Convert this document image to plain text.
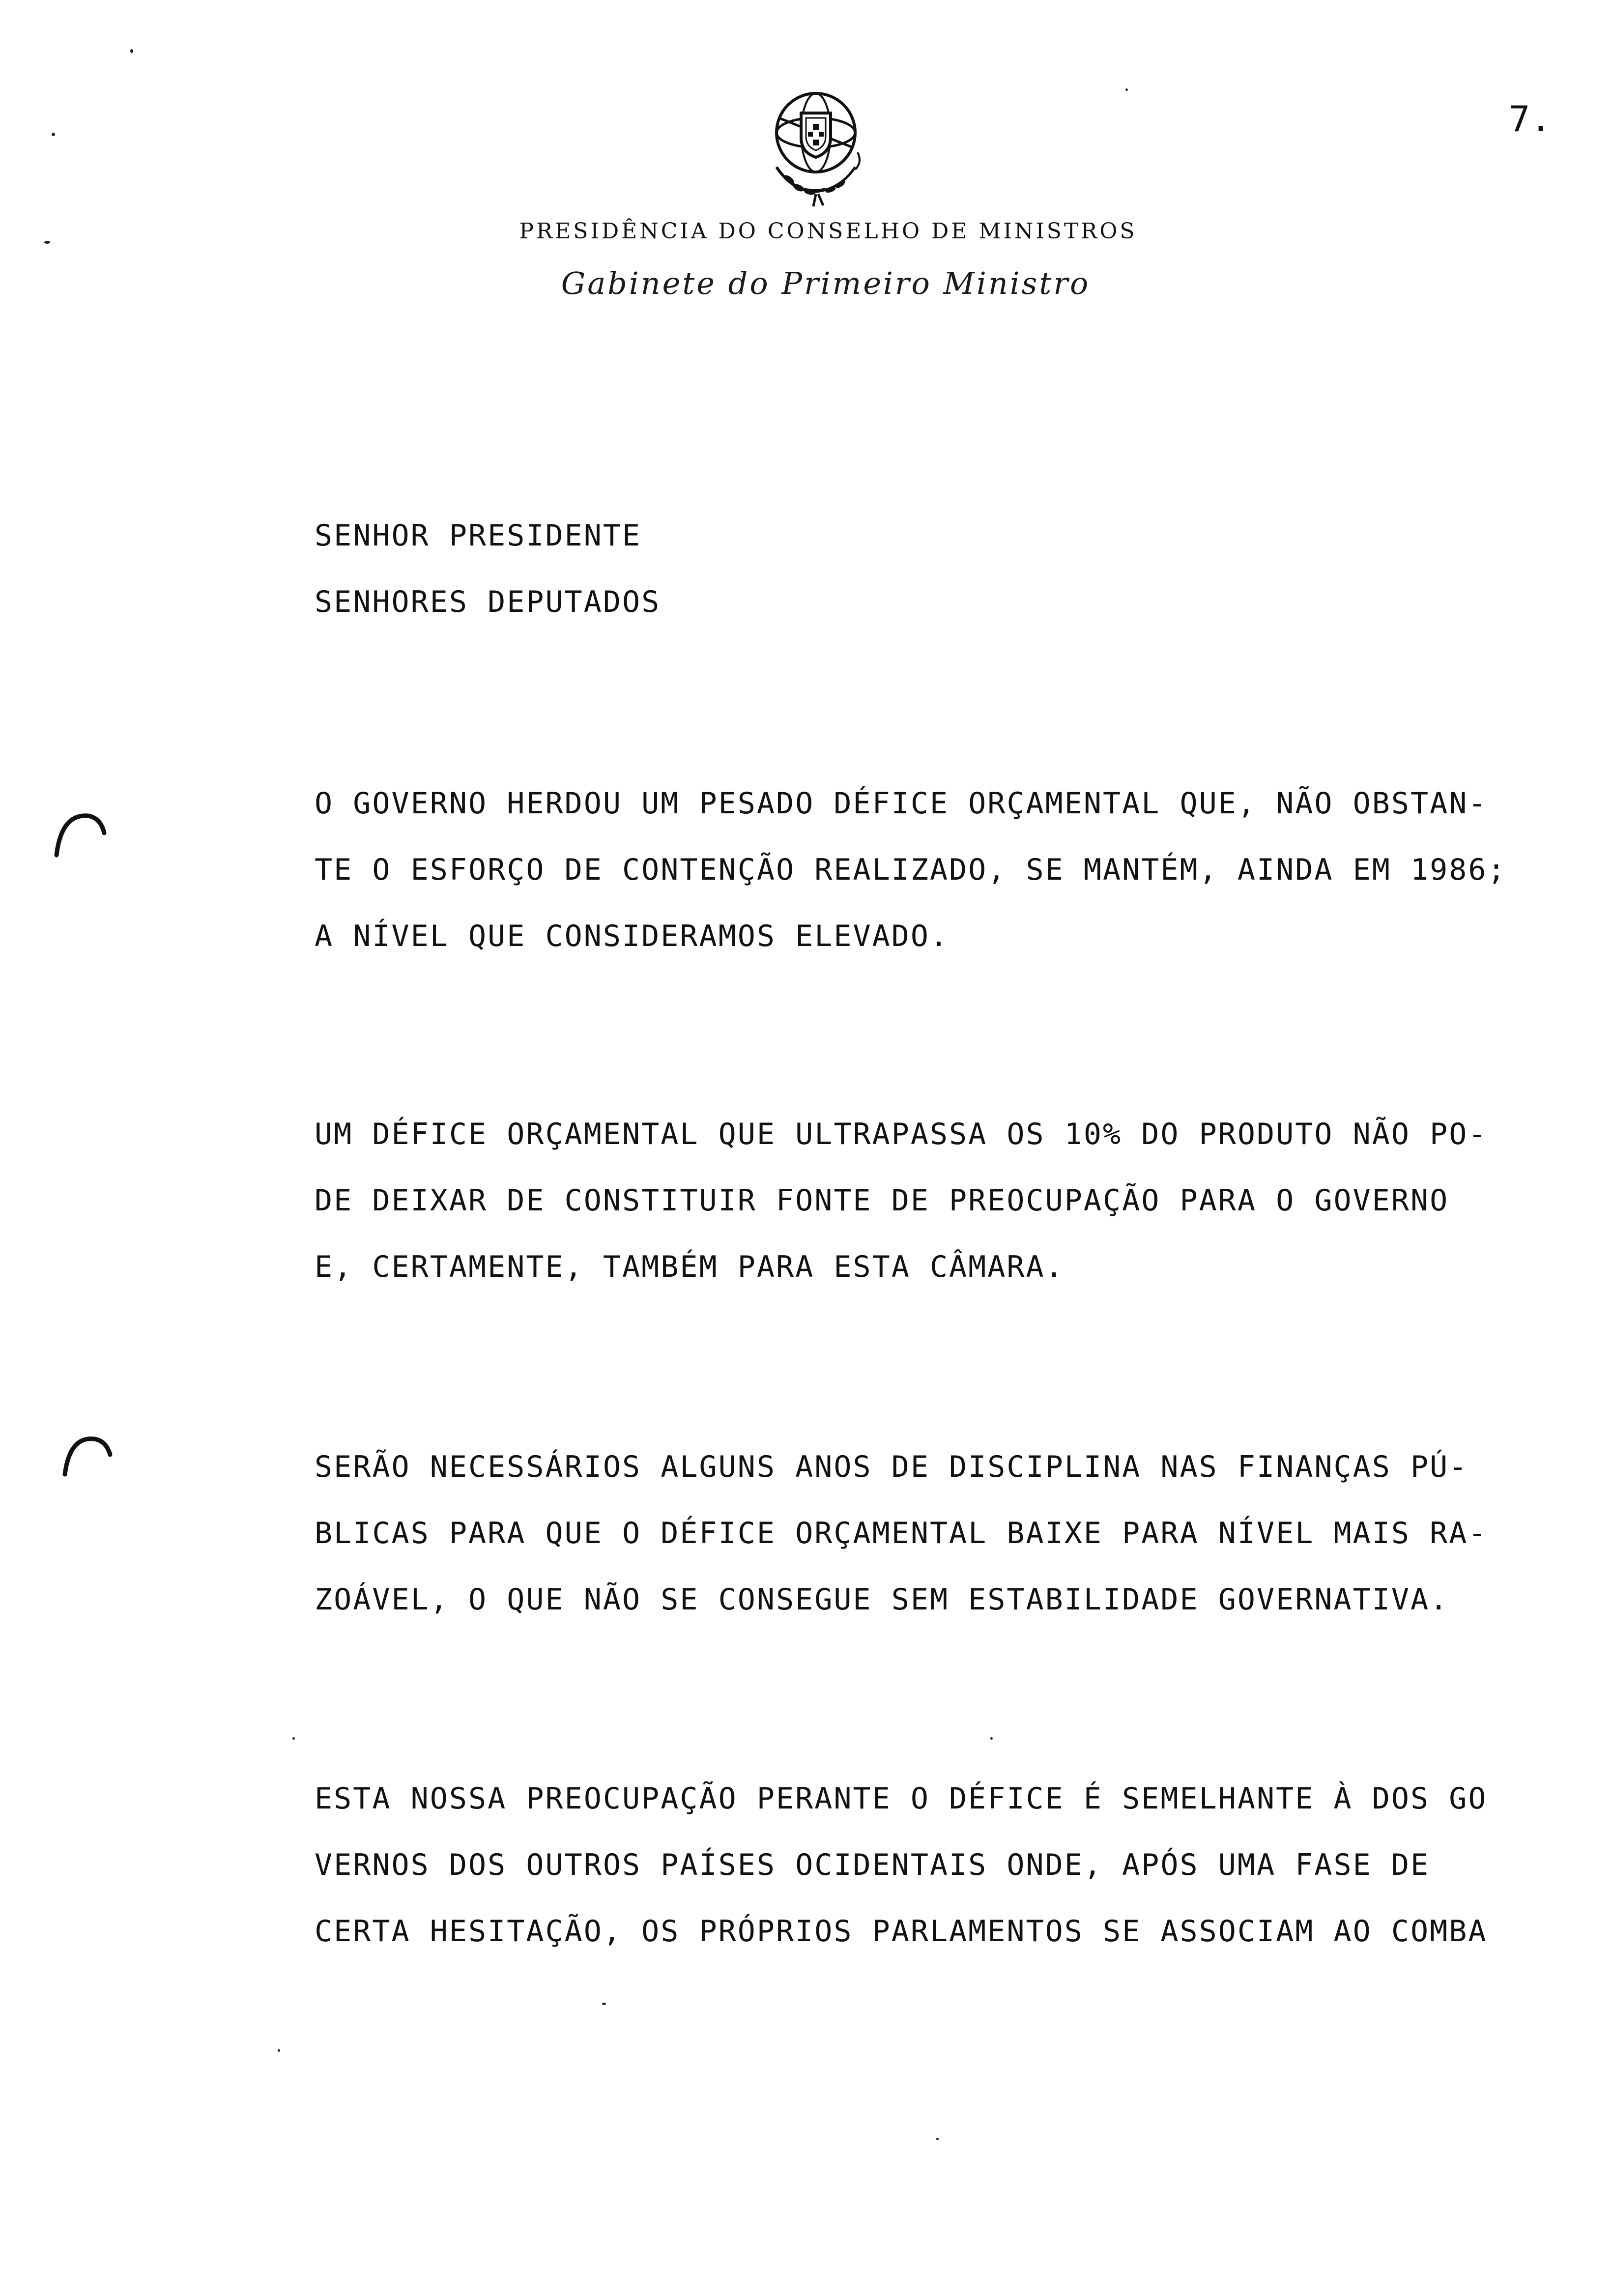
7.
PRESIDÊNCIA DO CONSELHO DE MINISTROS
Gabinete do Primeiro Ministro
SENHOR PRESIDENTE
SENHORES DEPUTADOS
O GOVERNO HERDOU UM PESADO DÉFICE ORÇAMENTAL QUE, NÃO OBSTAN-
TE O ESFORÇO DE CONTENÇÃO REALIZADO, SE MANTÉM, AINDA EM 1986;
A NÍVEL QUE CONSIDERAMOS ELEVADO.
UM DÉFICE ORÇAMENTAL QUE ULTRAPASSA OS 10% DO PRODUTO NÃO PO-
DE DEIXAR DE CONSTITUIR FONTE DE PREOCUPAÇÃO PARA O GOVERNO
E, CERTAMENTE, TAMBÉM PARA ESTA CÂMARA.
SERÃO NECESSÁRIOS ALGUNS ANOS DE DISCIPLINA NAS FINANÇAS PÚ-
BLICAS PARA QUE O DÉFICE ORÇAMENTAL BAIXE PARA NÍVEL MAIS RA-
ZOÁVEL, O QUE NÃO SE CONSEGUE SEM ESTABILIDADE GOVERNATIVA.
ESTA NOSSA PREOCUPAÇÃO PERANTE O DÉFICE É SEMELHANTE À DOS GO
VERNOS DOS OUTROS PAÍSES OCIDENTAIS ONDE, APÓS UMA FASE DE
CERTA HESITAÇÃO, OS PRÓPRIOS PARLAMENTOS SE ASSOCIAM AO COMBA
